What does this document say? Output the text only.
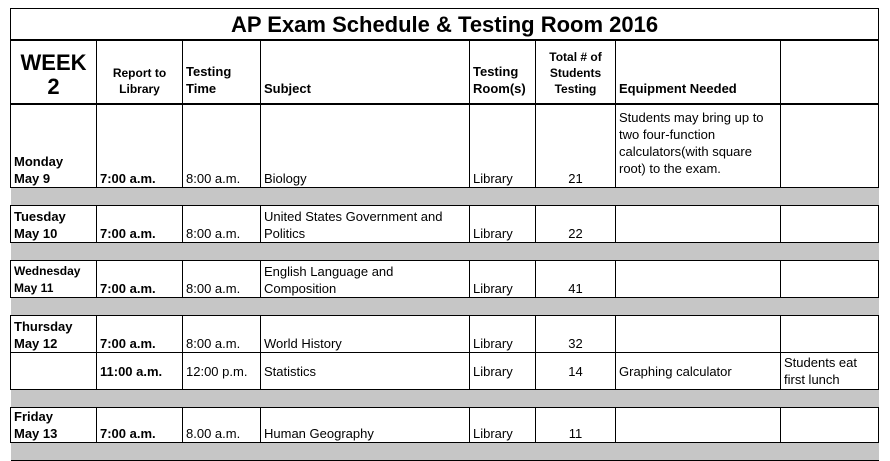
AP Exam Schedule & Testing Room 2016							
WEEK 2	Report to Library	Testing Time	Subject	Testing Room(s)	Total # of Students Testing	Equipment Needed	
Monday
May 9	7:00 a.m.	8:00 a.m.	Biology	Library	21	Students may bring up to two four-function calculators(with square root) to the exam.	

Tuesday
May 10	7:00 a.m.	8:00 a.m.	United States Government and Politics	Library	22		

Wednesday
May 11	7:00 a.m.	8:00 a.m.	English Language and Composition	Library	41		

Thursday
May 12	7:00 a.m.	8:00 a.m.	World History	Library	32		
	11:00 a.m.	12:00 p.m.	Statistics	Library	14	Graphing calculator	Students eat first lunch

Friday
May 13	7:00 a.m.	8.00 a.m.	Human Geography	Library	11		
